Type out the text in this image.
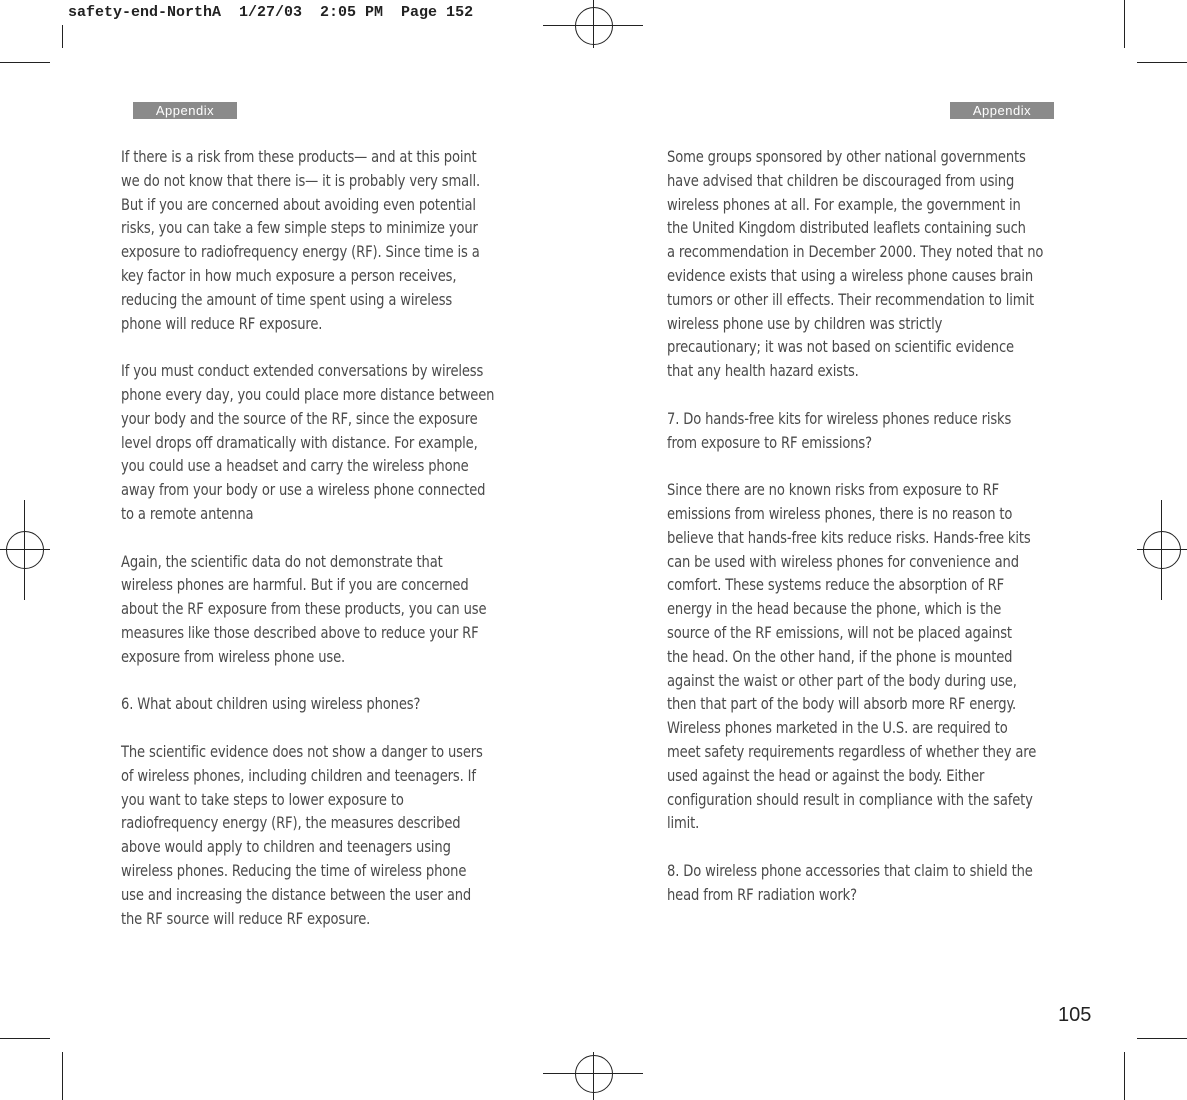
safety-end-NorthA  1/27/03  2:05 PM  Page 152
Appendix	Appendix

If there is a risk from these products— and at this point
we do not know that there is— it is probably very small.
But if you are concerned about avoiding even potential
risks, you can take a few simple steps to minimize your
exposure to radiofrequency energy (RF). Since time is a
key factor in how much exposure a person receives,
reducing the amount of time spent using a wireless
phone will reduce RF exposure.

If you must conduct extended conversations by wireless
phone every day, you could place more distance between
your body and the source of the RF, since the exposure
level drops off dramatically with distance. For example,
you could use a headset and carry the wireless phone
away from your body or use a wireless phone connected
to a remote antenna

Again, the scientific data do not demonstrate that
wireless phones are harmful. But if you are concerned
about the RF exposure from these products, you can use
measures like those described above to reduce your RF
exposure from wireless phone use.

6. What about children using wireless phones?

The scientific evidence does not show a danger to users
of wireless phones, including children and teenagers. If
you want to take steps to lower exposure to
radiofrequency energy (RF), the measures described
above would apply to children and teenagers using
wireless phones. Reducing the time of wireless phone
use and increasing the distance between the user and
the RF source will reduce RF exposure.

Some groups sponsored by other national governments
have advised that children be discouraged from using
wireless phones at all. For example, the government in
the United Kingdom distributed leaflets containing such
a recommendation in December 2000. They noted that no
evidence exists that using a wireless phone causes brain
tumors or other ill effects. Their recommendation to limit
wireless phone use by children was strictly
precautionary; it was not based on scientific evidence
that any health hazard exists.

7. Do hands-free kits for wireless phones reduce risks
from exposure to RF emissions?

Since there are no known risks from exposure to RF
emissions from wireless phones, there is no reason to
believe that hands-free kits reduce risks. Hands-free kits
can be used with wireless phones for convenience and
comfort. These systems reduce the absorption of RF
energy in the head because the phone, which is the
source of the RF emissions, will not be placed against
the head. On the other hand, if the phone is mounted
against the waist or other part of the body during use,
then that part of the body will absorb more RF energy.
Wireless phones marketed in the U.S. are required to
meet safety requirements regardless of whether they are
used against the head or against the body. Either
configuration should result in compliance with the safety
limit.

8. Do wireless phone accessories that claim to shield the
head from RF radiation work?

105
